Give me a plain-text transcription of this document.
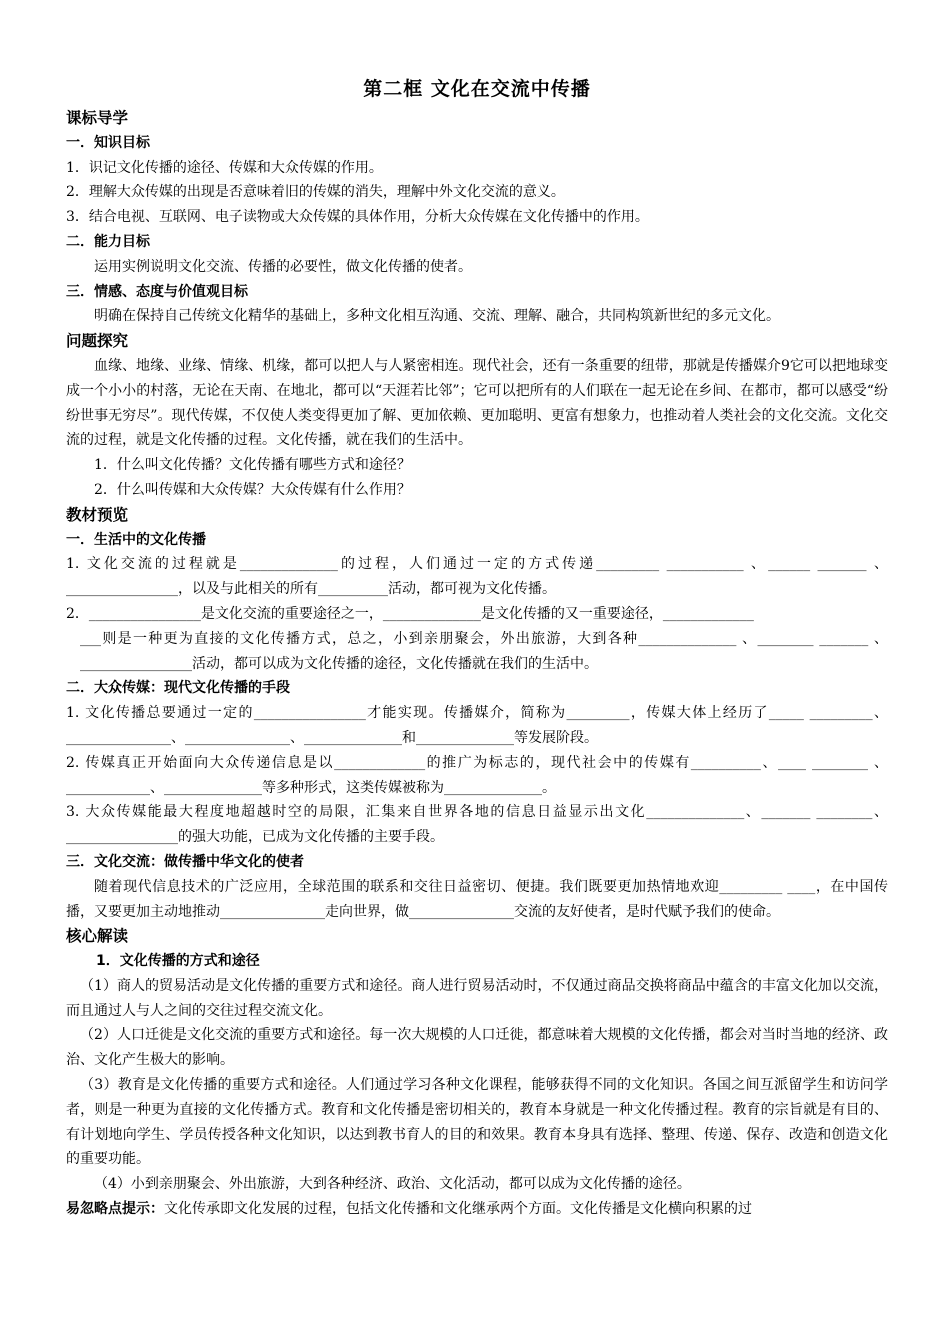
第二框 文化在交流中传播
课标导学
一．知识目标

1．识记文化传播的途径、传媒和大众传媒的作用。

2．理解大众传媒的出现是否意味着旧的传媒的消失，理解中外文化交流的意义。

3．结合电视、互联网、电子读物或大众传媒的具体作用，分析大众传媒在文化传播中的作用。

二．能力目标

运用实例说明文化交流、传播的必要性，做文化传播的使者。

三．情感、态度与价值观目标

明确在保持自己传统文化精华的基础上，多种文化相互沟通、交流、理解、融合，共同构筑新世纪的多元文化。

问题探究

血缘、地缘、业缘、情缘、机缘，都可以把人与人紧密相连。现代社会，还有一条重要的纽带，那就是传播媒介9它可以把地球变成一个小小的村落，无论在天南、在地北，都可以“天涯若比邻”；它可以把所有的人们联在一起无论在乡间、在都市，都可以感受“纷纷世事无穷尽”。现代传媒，不仅使人类变得更加了解、更加依赖、更加聪明、更富有想象力，也推动着人类社会的文化交流。文化交流的过程，就是文化传播的过程。文化传播，就在我们的生活中。

1．什么叫文化传播？文化传播有哪些方式和途径？

2．什么叫传媒和大众传媒？大众传媒有什么作用？

教材预览
一．生活中的文化传播

1. 文化交流的过程就是______________的过程，人们通过一定的方式传递_________ ___________ 、______ _______ 、 ________________，以及与此相关的所有__________活动，都可视为文化传播。

2．________________是文化交流的重要途径之一，______________是文化传播的又一重要途径，_____________

___则是一种更为直接的文化传播方式，总之，小到亲朋聚会，外出旅游，大到各种______________ 、________ _______ 、________________活动，都可以成为文化传播的途径，文化传播就在我们的生活中。

二．大众传媒：现代文化传播的手段

1. 文化传播总要通过一定的________________才能实现。传播媒介，简称为_________，传媒大体上经历了_____ _________、_______________、_______________、______________和______________等发展阶段。

2. 传媒真正开始面向大众传递信息是以_____________的推广为标志的，现代社会中的传媒有__________、____ ________ 、____________、______________等多种形式，这类传媒被称为______________。

3. 大众传媒能最大程度地超越时空的局限，汇集来自世界各地的信息日益显示出文化______________、_______ ________、________________的强大功能，已成为文化传播的主要手段。

三．文化交流：做传播中华文化的使者

随着现代信息技术的广泛应用，全球范围的联系和交往日益密切、便捷。我们既要更加热情地欢迎_________ ____，在中国传播，又要更加主动地推动_______________走向世界，做_______________交流的友好使者，是时代赋予我们的使命。

核心解读
1．文化传播的方式和途径

（1）商人的贸易活动是文化传播的重要方式和途径。商人进行贸易活动时，不仅通过商品交换将商品中蕴含的丰富文化加以交流，而且通过人与人之间的交往过程交流文化。

（2）人口迁徙是文化交流的重要方式和途径。每一次大规模的人口迁徙，都意味着大规模的文化传播，都会对当时当地的经济、政治、文化产生极大的影响。

（3）教育是文化传播的重要方式和途径。人们通过学习各种文化课程，能够获得不同的文化知识。各国之间互派留学生和访问学者，则是一种更为直接的文化传播方式。教育和文化传播是密切相关的，教育本身就是一种文化传播过程。教育的宗旨就是有目的、有计划地向学生、学员传授各种文化知识，以达到教书育人的目的和效果。教育本身具有选择、整理、传递、保存、改造和创造文化的重要功能。

（4）小到亲朋聚会、外出旅游，大到各种经济、政治、文化活动，都可以成为文化传播的途径。

易忽略点提示：文化传承即文化发展的过程，包括文化传播和文化继承两个方面。文化传播是文化横向积累的过
